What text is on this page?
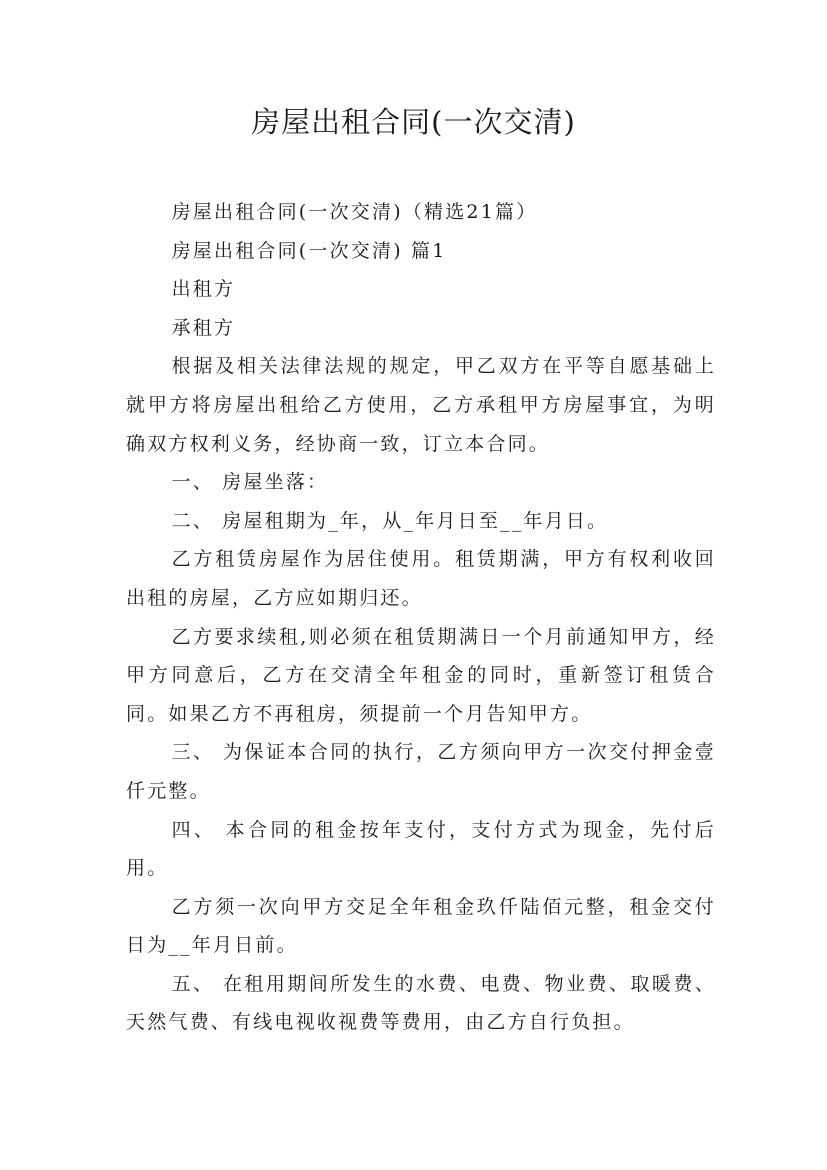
房屋出租合同(一次交清)

房屋出租合同(一次交清)（精选21篇）

房屋出租合同(一次交清) 篇1

出租方

承租方

根据及相关法律法规的规定，甲乙双方在平等自愿基础上就甲方将房屋出租给乙方使用，乙方承租甲方房屋事宜，为明确双方权利义务，经协商一致，订立本合同。

一、 房屋坐落：

二、 房屋租期为_年，从_年月日至__年月日。

乙方租赁房屋作为居住使用。租赁期满，甲方有权利收回出租的房屋，乙方应如期归还。

乙方要求续租,则必须在租赁期满日一个月前通知甲方，经甲方同意后，乙方在交清全年租金的同时，重新签订租赁合同。如果乙方不再租房，须提前一个月告知甲方。

三、 为保证本合同的执行，乙方须向甲方一次交付押金壹仟元整。

四、 本合同的租金按年支付，支付方式为现金，先付后用。

乙方须一次向甲方交足全年租金玖仟陆佰元整，租金交付日为__年月日前。

五、 在租用期间所发生的水费、电费、物业费、取暖费、天然气费、有线电视收视费等费用，由乙方自行负担。
